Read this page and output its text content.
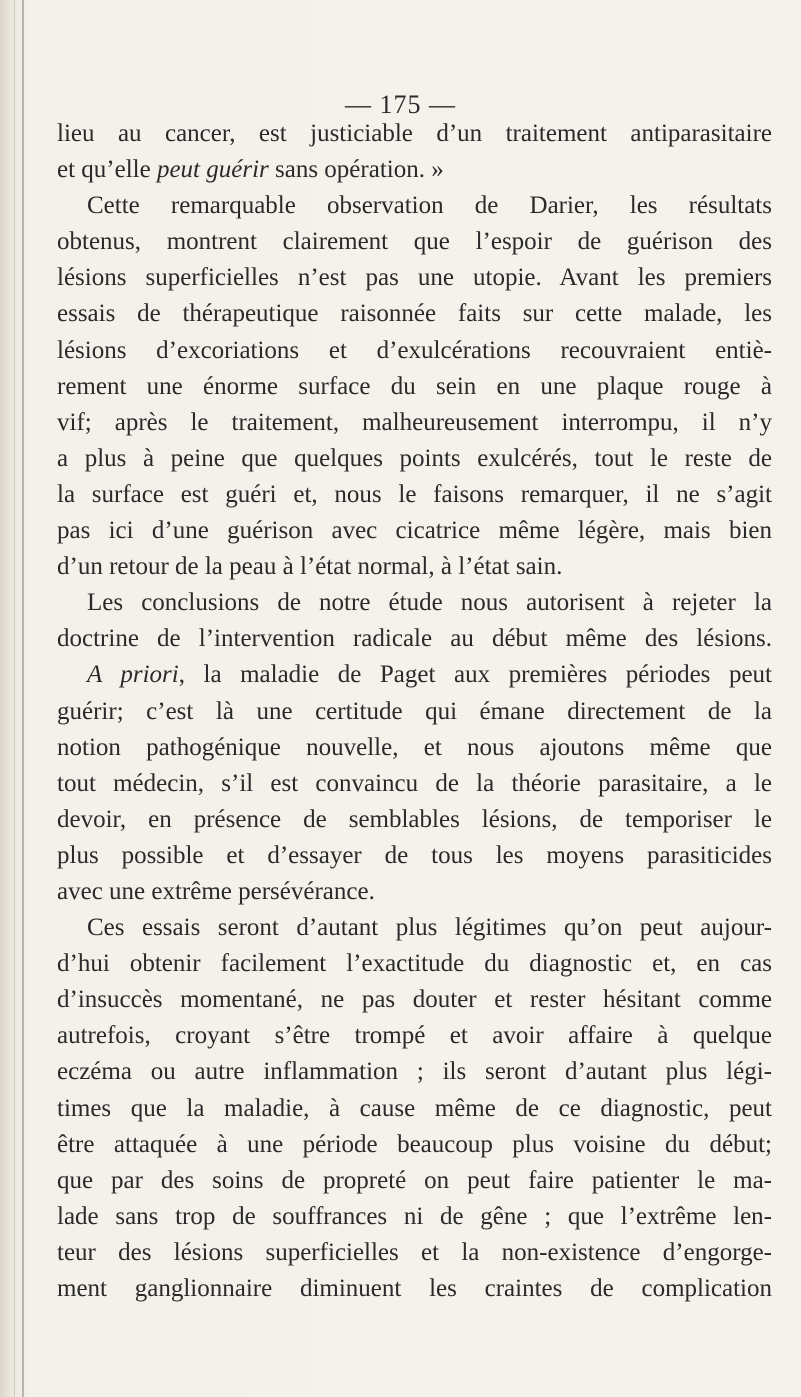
— 175 —
lieu au cancer, est justiciable d’un traitement antiparasitaire
et qu’elle peut guérir sans opération. »
Cette remarquable observation de Darier, les résultats
obtenus, montrent clairement que l’espoir de guérison des
lésions superficielles n’est pas une utopie. Avant les premiers
essais de thérapeutique raisonnée faits sur cette malade, les
lésions d’excoriations et d’exulcérations recouvraient entiè-
rement une énorme surface du sein en une plaque rouge à
vif; après le traitement, malheureusement interrompu, il n’y
a plus à peine que quelques points exulcérés, tout le reste de
la surface est guéri et, nous le faisons remarquer, il ne s’agit
pas ici d’une guérison avec cicatrice même légère, mais bien
d’un retour de la peau à l’état normal, à l’état sain.
Les conclusions de notre étude nous autorisent à rejeter la
doctrine de l’intervention radicale au début même des lésions.
A priori, la maladie de Paget aux premières périodes peut
guérir; c’est là une certitude qui émane directement de la
notion pathogénique nouvelle, et nous ajoutons même que
tout médecin, s’il est convaincu de la théorie parasitaire, a le
devoir, en présence de semblables lésions, de temporiser le
plus possible et d’essayer de tous les moyens parasiticides
avec une extrême persévérance.
Ces essais seront d’autant plus légitimes qu’on peut aujour-
d’hui obtenir facilement l’exactitude du diagnostic et, en cas
d’insuccès momentané, ne pas douter et rester hésitant comme
autrefois, croyant s’être trompé et avoir affaire à quelque
eczéma ou autre inflammation ; ils seront d’autant plus légi-
times que la maladie, à cause même de ce diagnostic, peut
être attaquée à une période beaucoup plus voisine du début;
que par des soins de propreté on peut faire patienter le ma-
lade sans trop de souffrances ni de gêne ; que l’extrême len-
teur des lésions superficielles et la non-existence d’engorge-
ment ganglionnaire diminuent les craintes de complication
